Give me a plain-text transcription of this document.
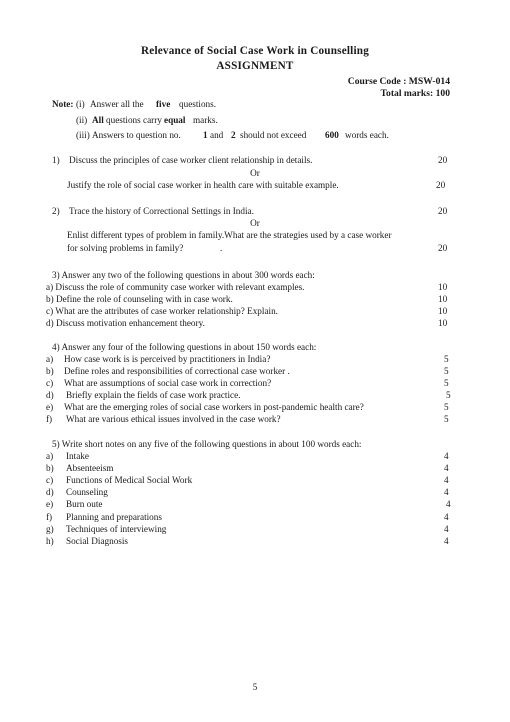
Relevance of Social Case Work in Counselling
ASSIGNMENT
Course Code : MSW-014
Total marks: 100
Note: (i) Answer all the five questions.
(ii) All questions carry equal marks.
(iii) Answers to question no. 1 and 2 should not exceed 600 words each.
1) Discuss the principles of case worker client relationship in details.	20
Or
Justify the role of social case worker in health care with suitable example.	20
2) Trace the history of Correctional Settings in India.	20
Or
Enlist different types of problem in family.What are the strategies used by a case worker
for solving problems in family?	.	20
3) Answer any two of the following questions in about 300 words each:
a) Discuss the role of community case worker with relevant examples.	10
b) Define the role of counseling with in case work.	10
c) What are the attributes of case worker relationship? Explain.	10
d) Discuss motivation enhancement theory.	10
4) Answer any four of the following questions in about 150 words each:
a) How case work is is perceived by practitioners in India?	5
b) Define roles and responsibilities of correctional case worker .	5
c) What are assumptions of social case work in correction?	5
d) Briefly explain the fields of case work practice.	5
e) What are the emerging roles of social case workers in post-pandemic health care?	5
f) What are various ethical issues involved in the case work?	5
5) Write short notes on any five of the following questions in about 100 words each:
a) Intake	4
b) Absenteeism	4
c) Functions of Medical Social Work	4
d) Counseling	4
e) Burn oute	4
f) Planning and preparations	4
g) Techniques of interviewing	4
h) Social Diagnosis	4
5
